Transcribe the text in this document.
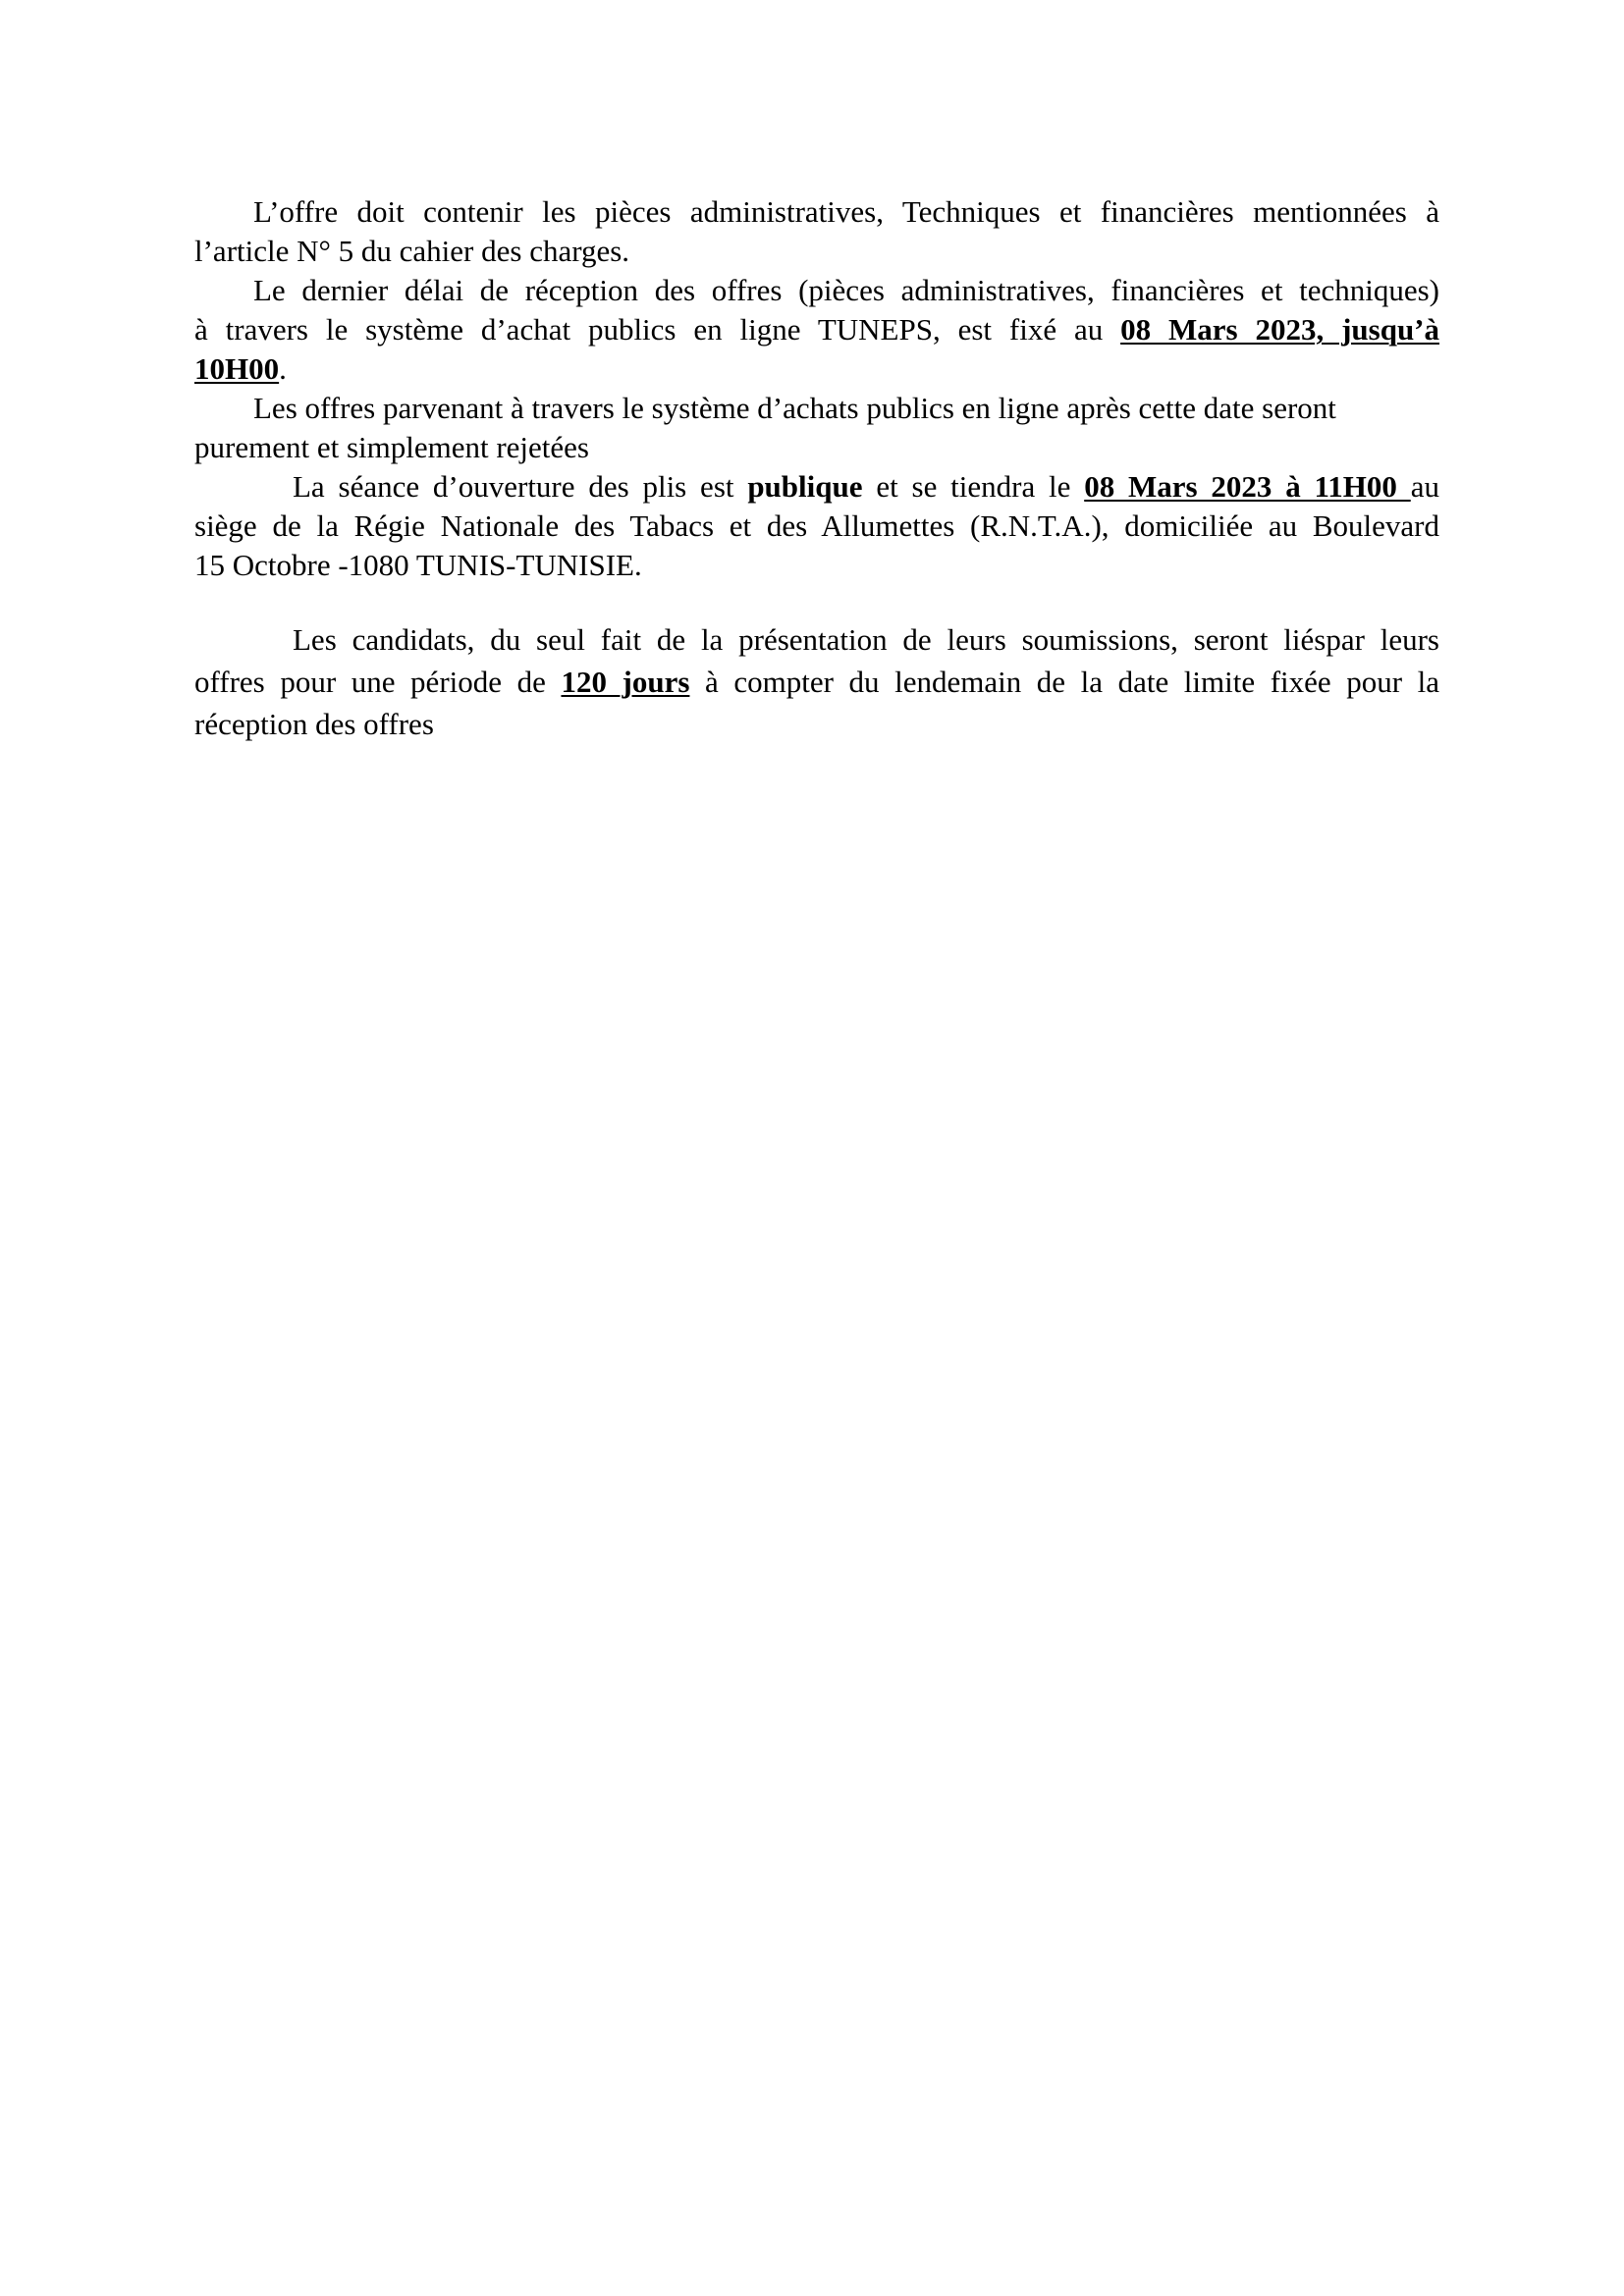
L’offre doit contenir les pièces administratives, Techniques et financières mentionnées à
l’article N° 5 du cahier des charges.
Le dernier délai de réception des offres (pièces administratives, financières et techniques)
à travers le système d’achat publics en ligne TUNEPS, est fixé au 08 Mars 2023, jusqu’à
10H00.
Les offres parvenant à travers le système d’achats publics en ligne après cette date seront
purement et simplement rejetées
La séance d’ouverture des plis est publique et se tiendra le 08 Mars 2023 à 11H00 au
siège de la Régie Nationale des Tabacs et des Allumettes (R.N.T.A.), domiciliée au Boulevard
15 Octobre -1080 TUNIS-TUNISIE.
Les candidats, du seul fait de la présentation de leurs soumissions, seront liéspar leurs
offres pour une période de 120 jours à compter du lendemain de la date limite fixée pour la
réception des offres
